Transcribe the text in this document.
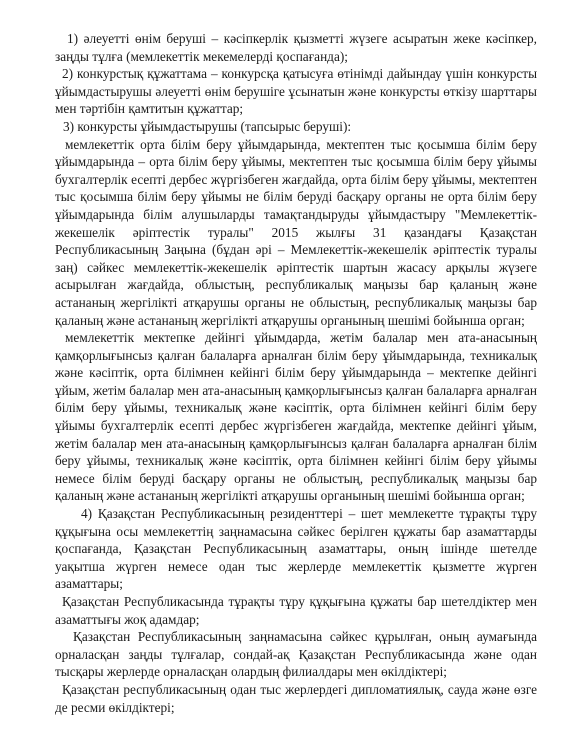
1) әлеуетті өнім беруші – кәсіпкерлік қызметті жүзеге асыратын жеке кәсіпкер, заңды тұлға (мемлекеттік мекемелерді қоспағанда);

2) конкурстық құжаттама – конкурсқа қатысуға өтінімді дайындау үшін конкурсты ұйымдастырушы әлеуетті өнім берушіге ұсынатын және конкурсты өткізу шарттары мен тәртібін қамтитын құжаттар;

3) конкурсты ұйымдастырушы (тапсырыс беруші):

мемлекеттік орта білім беру ұйымдарында, мектептен тыс қосымша білім беру ұйымдарында – орта білім беру ұйымы, мектептен тыс қосымша білім беру ұйымы бухгалтерлік есепті дербес жүргізбеген жағдайда, орта білім беру ұйымы, мектептен тыс қосымша білім беру ұйымы не білім беруді басқару органы не орта білім беру ұйымдарында білім алушыларды тамақтандыруды ұйымдастыру "Мемлекеттік-жекешелік әріптестік туралы" 2015 жылғы 31 қазандағы Қазақстан Республикасының Заңына (бұдан әрі – Мемлекеттік-жекешелік әріптестік туралы заң) сәйкес мемлекеттік-жекешелік әріптестік шартын жасасу арқылы жүзеге асырылған жағдайда, облыстың, республикалық маңызы бар қаланың және астананың жергілікті атқарушы органы не облыстың, республикалық маңызы бар қаланың және астананың жергілікті атқарушы органының шешімі бойынша орган;

мемлекеттік мектепке дейінгі ұйымдарда, жетім балалар мен ата-анасының қамқорлығынсыз қалған балаларға арналған білім беру ұйымдарында, техникалық және кәсіптік, орта білімнен кейінгі білім беру ұйымдарында – мектепке дейінгі ұйым, жетім балалар мен ата-анасының қамқорлығынсыз қалған балаларға арналған білім беру ұйымы, техникалық және кәсіптік, орта білімнен кейінгі білім беру ұйымы бухгалтерлік есепті дербес жүргізбеген жағдайда, мектепке дейінгі ұйым, жетім балалар мен ата-анасының қамқорлығынсыз қалған балаларға арналған білім беру ұйымы, техникалық және кәсіптік, орта білімнен кейінгі білім беру ұйымы немесе білім беруді басқару органы не облыстың, республикалық маңызы бар қаланың және астананың жергілікті атқарушы органының шешімі бойынша орган;

4) Қазақстан Республикасының резиденттері – шет мемлекетте тұрақты тұру құқығына осы мемлекеттің заңнамасына сәйкес берілген құжаты бар азаматтарды қоспағанда, Қазақстан Республикасының азаматтары, оның ішінде шетелде уақытша жүрген немесе одан тыс жерлерде мемлекеттік қызметте жүрген азаматтары;

Қазақстан Республикасында тұрақты тұру құқығына құжаты бар шетелдіктер мен азаматтығы жоқ адамдар;

Қазақстан Республикасының заңнамасына сәйкес құрылған, оның аумағында орналасқан заңды тұлғалар, сондай-ақ Қазақстан Республикасында және одан тысқары жерлерде орналасқан олардың филиалдары мен өкілдіктері;

Қазақстан республикасының одан тыс жерлердегі дипломатиялық, сауда және өзге де ресми өкілдіктері;
